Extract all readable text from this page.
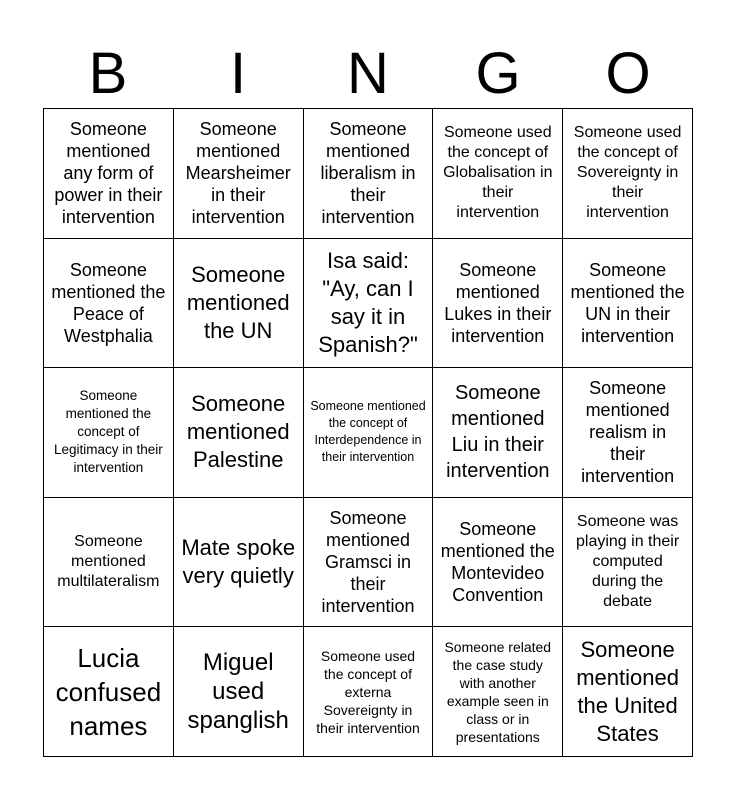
B	I	N	G	O
Someone mentioned any form of power in their intervention
Someone mentioned Mearsheimer in their intervention
Someone mentioned liberalism in their intervention
Someone used the concept of Globalisation in their intervention
Someone used the concept of Sovereignty in their intervention
Someone mentioned the Peace of Westphalia
Someone mentioned the UN
Isa said: "Ay, can I say it in Spanish?"
Someone mentioned Lukes in their intervention
Someone mentioned the UN in their intervention
Someone mentioned the concept of Legitimacy in their intervention
Someone mentioned Palestine
Someone mentioned the concept of Interdependence in their intervention
Someone mentioned Liu in their intervention
Someone mentioned realism in their intervention
Someone mentioned multilateralism
Mate spoke very quietly
Someone mentioned Gramsci in their intervention
Someone mentioned the Montevideo Convention
Someone was playing in their computed during the debate
Lucia confused names
Miguel used spanglish
Someone used the concept of externa Sovereignty in their intervention
Someone related the case study with another example seen in class or in presentations
Someone mentioned the United States
